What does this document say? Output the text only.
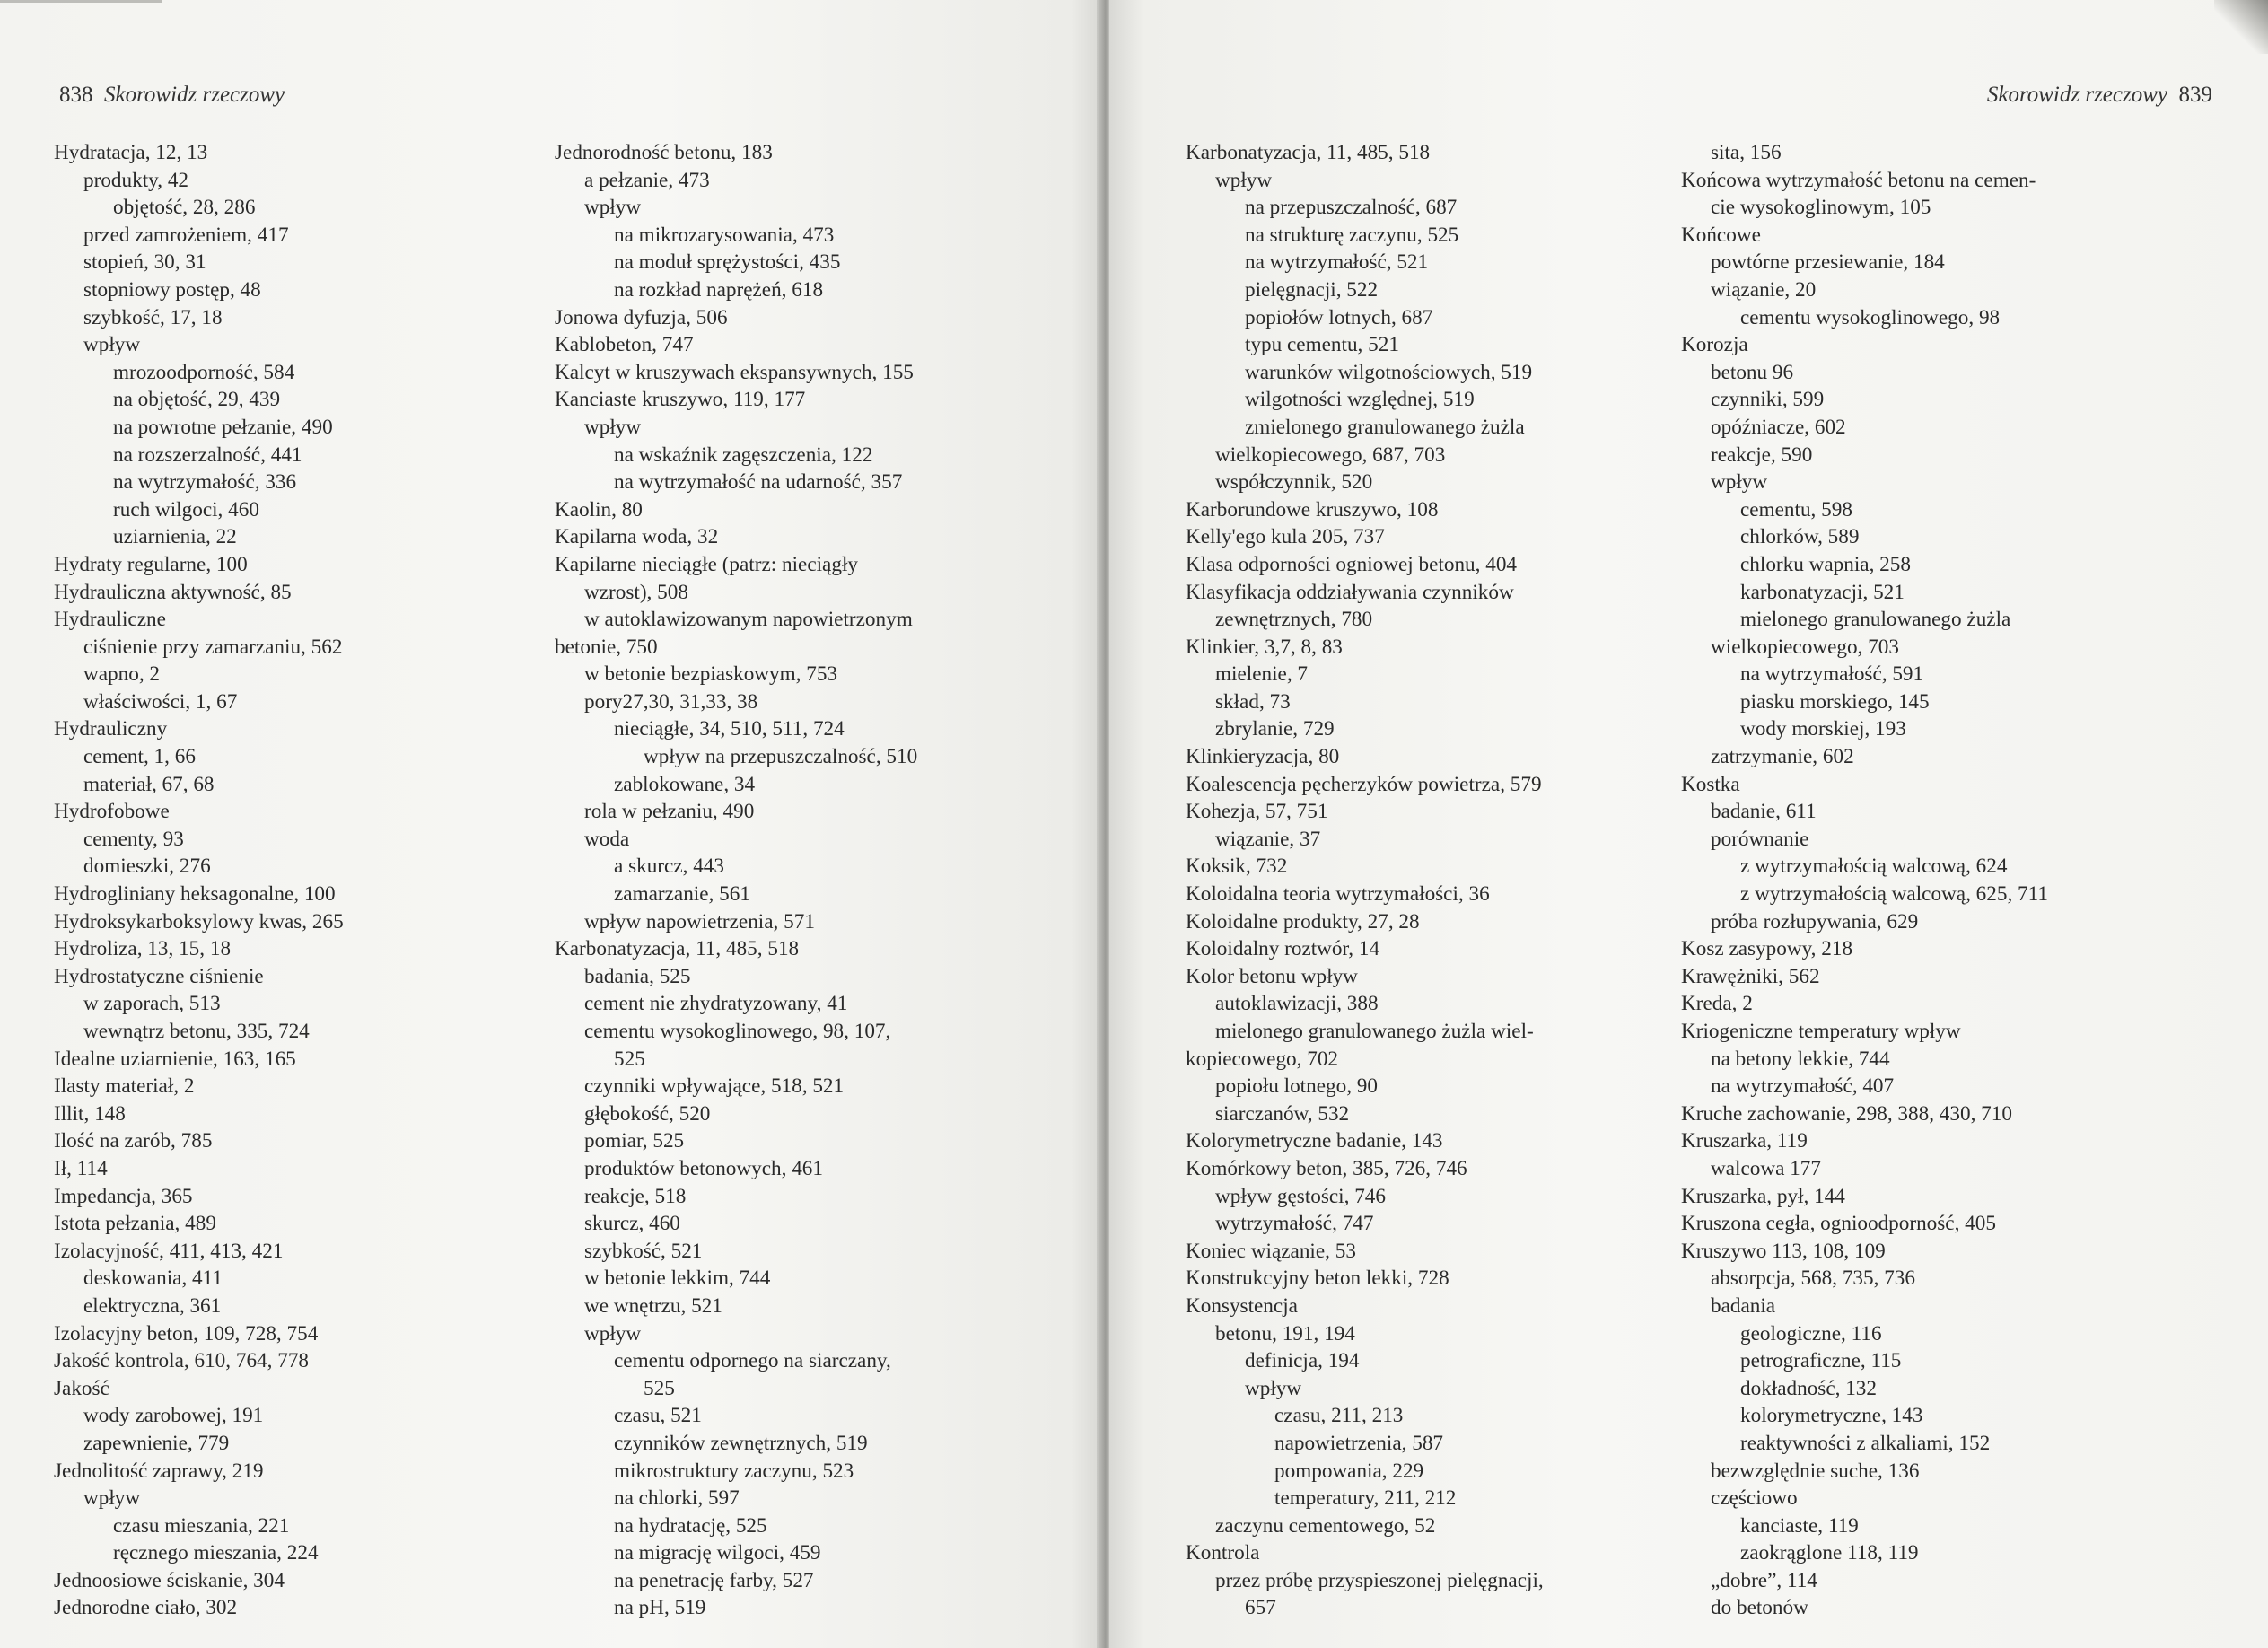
838 Skorowidz rzeczowy
Hydratacja, 12, 13
produkty, 42
objętość, 28, 286
przed zamrożeniem, 417
stopień, 30, 31
stopniowy postęp, 48
szybkość, 17, 18
wpływ
mrozoodporność, 584
na objętość, 29, 439
na powrotne pełzanie, 490
na rozszerzalność, 441
na wytrzymałość, 336
ruch wilgoci, 460
uziarnienia, 22
Hydraty regularne, 100
Hydrauliczna aktywność, 85
Hydrauliczne
ciśnienie przy zamarzaniu, 562
wapno, 2
właściwości, 1, 67
Hydrauliczny
cement, 1, 66
materiał, 67, 68
Hydrofobowe
cementy, 93
domieszki, 276
Hydrogliniany heksagonalne, 100
Hydroksykarboksylowy kwas, 265
Hydroliza, 13, 15, 18
Hydrostatyczne ciśnienie
w zaporach, 513
wewnątrz betonu, 335, 724
Idealne uziarnienie, 163, 165
Ilasty materiał, 2
Illit, 148
Ilość na zarób, 785
Ił, 114
Impedancja, 365
Istota pełzania, 489
Izolacyjność, 411, 413, 421
deskowania, 411
elektryczna, 361
Izolacyjny beton, 109, 728, 754
Jakość kontrola, 610, 764, 778
Jakość
wody zarobowej, 191
zapewnienie, 779
Jednolitość zaprawy, 219
wpływ
czasu mieszania, 221
ręcznego mieszania, 224
Jednoosiowe ściskanie, 304
Jednorodne ciało, 302
Jednorodność betonu, 183
a pełzanie, 473
wpływ
na mikrozarysowania, 473
na moduł sprężystości, 435
na rozkład naprężeń, 618
Jonowa dyfuzja, 506
Kablobeton, 747
Kalcyt w kruszywach ekspansywnych, 155
Kanciaste kruszywo, 119, 177
wpływ
na wskaźnik zagęszczenia, 122
na wytrzymałość na udarność, 357
Kaolin, 80
Kapilarna woda, 32
Kapilarne nieciągłe (patrz: nieciągły
wzrost), 508
w autoklawizowanym napowietrzonym
betonie, 750
w betonie bezpiaskowym, 753
pory27,30, 31,33, 38
nieciągłe, 34, 510, 511, 724
wpływ na przepuszczalność, 510
zablokowane, 34
rola w pełzaniu, 490
woda
a skurcz, 443
zamarzanie, 561
wpływ napowietrzenia, 571
Karbonatyzacja, 11, 485, 518
badania, 525
cement nie zhydratyzowany, 41
cementu wysokoglinowego, 98, 107,
525
czynniki wpływające, 518, 521
głębokość, 520
pomiar, 525
produktów betonowych, 461
reakcje, 518
skurcz, 460
szybkość, 521
w betonie lekkim, 744
we wnętrzu, 521
wpływ
cementu odpornego na siarczany,
525
czasu, 521
czynników zewnętrznych, 519
mikrostruktury zaczynu, 523
na chlorki, 597
na hydratację, 525
na migrację wilgoci, 459
na penetrację farby, 527
na pH, 519
Skorowidz rzeczowy 839
Karbonatyzacja, 11, 485, 518
wpływ
na przepuszczalność, 687
na strukturę zaczynu, 525
na wytrzymałość, 521
pielęgnacji, 522
popiołów lotnych, 687
typu cementu, 521
warunków wilgotnościowych, 519
wilgotności względnej, 519
zmielonego granulowanego żużla
wielkopiecowego, 687, 703
współczynnik, 520
Karborundowe kruszywo, 108
Kelly'ego kula 205, 737
Klasa odporności ogniowej betonu, 404
Klasyfikacja oddziaływania czynników
zewnętrznych, 780
Klinkier, 3,7, 8, 83
mielenie, 7
skład, 73
zbrylanie, 729
Klinkieryzacja, 80
Koalescencja pęcherzyków powietrza, 579
Kohezja, 57, 751
wiązanie, 37
Koksik, 732
Koloidalna teoria wytrzymałości, 36
Koloidalne produkty, 27, 28
Koloidalny roztwór, 14
Kolor betonu wpływ
autoklawizacji, 388
mielonego granulowanego żużla wiel-
kopiecowego, 702
popiołu lotnego, 90
siarczanów, 532
Kolorymetryczne badanie, 143
Komórkowy beton, 385, 726, 746
wpływ gęstości, 746
wytrzymałość, 747
Koniec wiązanie, 53
Konstrukcyjny beton lekki, 728
Konsystencja
betonu, 191, 194
definicja, 194
wpływ
czasu, 211, 213
napowietrzenia, 587
pompowania, 229
temperatury, 211, 212
zaczynu cementowego, 52
Kontrola
przez próbę przyspieszonej pielęgnacji,
657
sita, 156
Końcowa wytrzymałość betonu na cemen-
cie wysokoglinowym, 105
Końcowe
powtórne przesiewanie, 184
wiązanie, 20
cementu wysokoglinowego, 98
Korozja
betonu 96
czynniki, 599
opóźniacze, 602
reakcje, 590
wpływ
cementu, 598
chlorków, 589
chlorku wapnia, 258
karbonatyzacji, 521
mielonego granulowanego żużla
wielkopiecowego, 703
na wytrzymałość, 591
piasku morskiego, 145
wody morskiej, 193
zatrzymanie, 602
Kostka
badanie, 611
porównanie
z wytrzymałością walcową, 624
z wytrzymałością walcową, 625, 711
próba rozłupywania, 629
Kosz zasypowy, 218
Krawężniki, 562
Kreda, 2
Kriogeniczne temperatury wpływ
na betony lekkie, 744
na wytrzymałość, 407
Kruche zachowanie, 298, 388, 430, 710
Kruszarka, 119
walcowa 177
Kruszarka, pył, 144
Kruszona cegła, ognioodporność, 405
Kruszywo 113, 108, 109
absorpcja, 568, 735, 736
badania
geologiczne, 116
petrograficzne, 115
dokładność, 132
kolorymetryczne, 143
reaktywności z alkaliami, 152
bezwzględnie suche, 136
częściowo
kanciaste, 119
zaokrąglone 118, 119
„dobre”, 114
do betonów
